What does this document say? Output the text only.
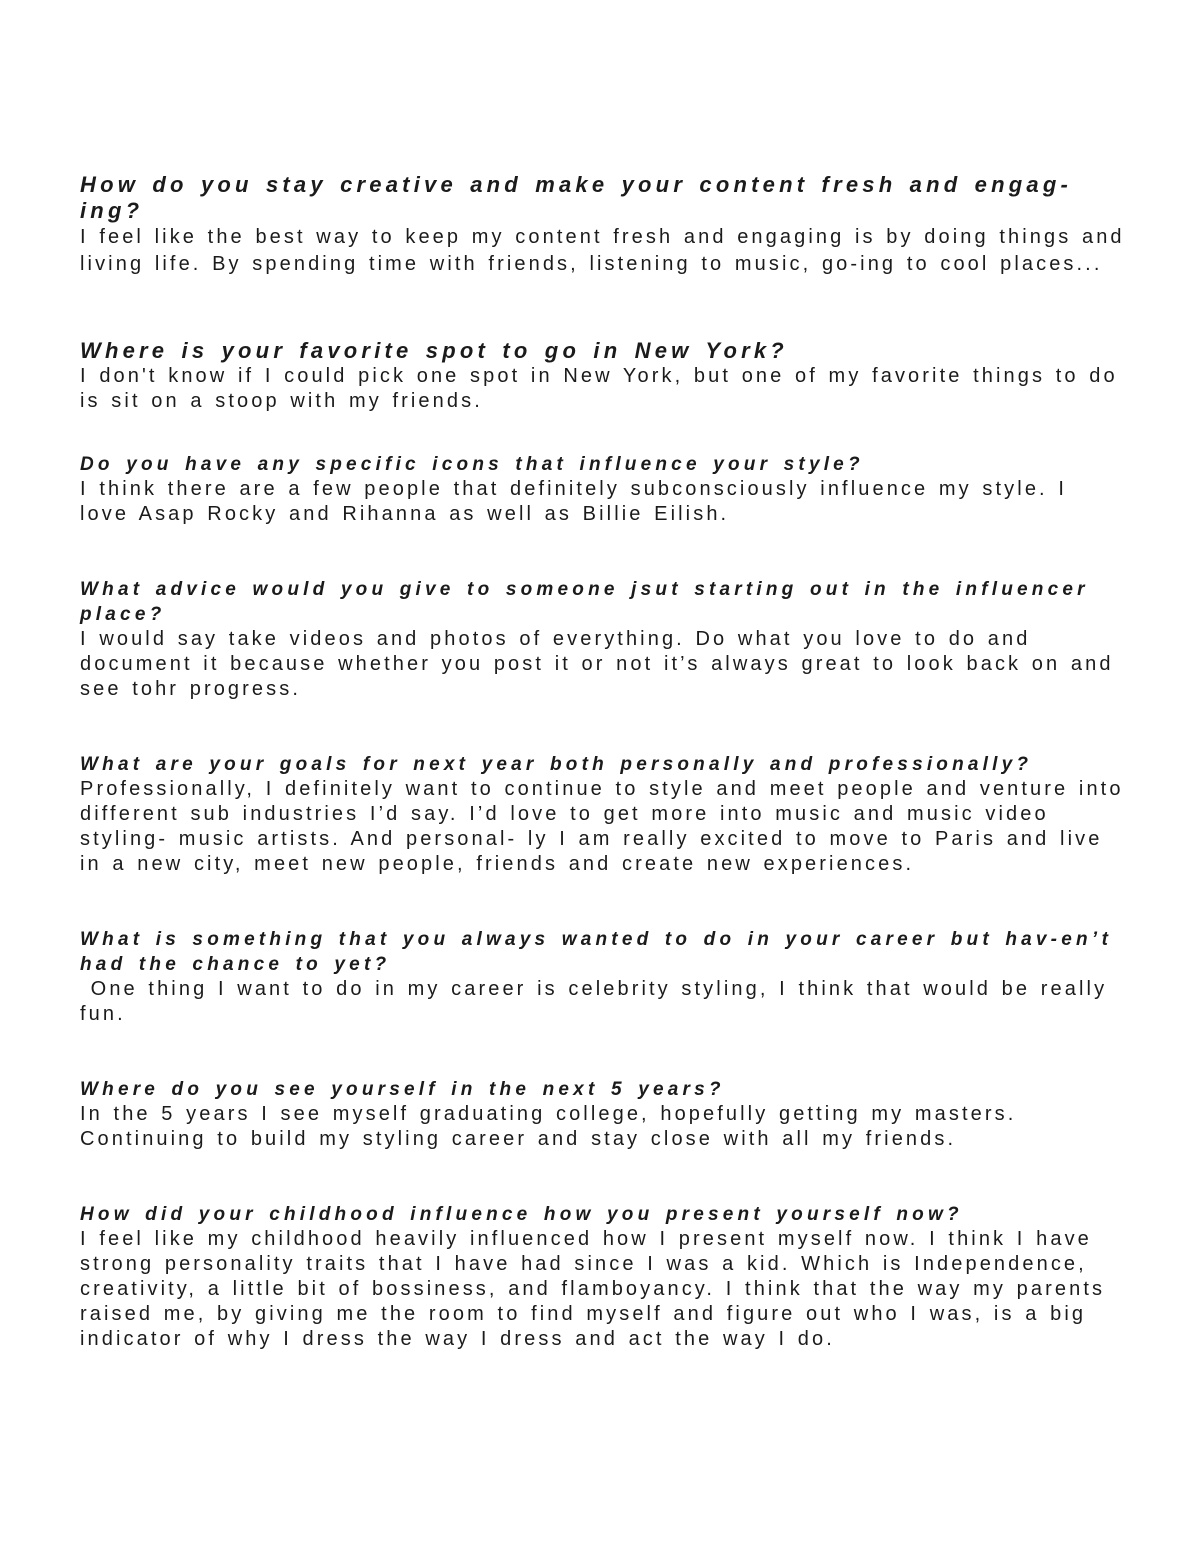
How do you stay creative and make your content fresh and engag-ing?

I feel like the best way to keep my content fresh and engaging is by doing things and living life. By spending time with friends, listening to music, go-ing to cool places...

Where is your favorite spot to go in New York?

I don't know if I could pick one spot in New York, but one of my favorite things to do is sit on a stoop with my friends.

Do you have any specific icons that influence your style?

I think there are a few people that definitely subconsciously influence my style. I love Asap Rocky and Rihanna as well as Billie Eilish.

What advice would you give to someone jsut starting out in the influencer place?

I would say take videos and photos of everything. Do what you love to do and document it because whether you post it or not it’s always great to look back on and see tohr progress.

What are your goals for next year both personally and professionally?

Professionally, I definitely want to continue to style and meet people and venture into different sub industries I’d say. I’d love to get more into music and music video styling- music artists. And personal- ly I am really excited to move to Paris and live in a new city, meet new people, friends and create new experiences.

What is something that you always wanted to do in your career but hav-en’t had the chance to yet?

One thing I want to do in my career is celebrity styling, I think that would be really fun.

Where do you see yourself in the next 5 years?

In the 5 years I see myself graduating college, hopefully getting my masters. Continuing to build my styling career and stay close with all my friends.

How did your childhood influence how you present yourself now?

I feel like my childhood heavily influenced how I present myself now. I think I have strong personality traits that I have had since I was a kid. Which is Independence, creativity, a little bit of bossiness, and flamboyancy. I think that the way my parents raised me, by giving me the room to find myself and figure out who I was, is a big indicator of why I dress the way I dress and act the way I do.
